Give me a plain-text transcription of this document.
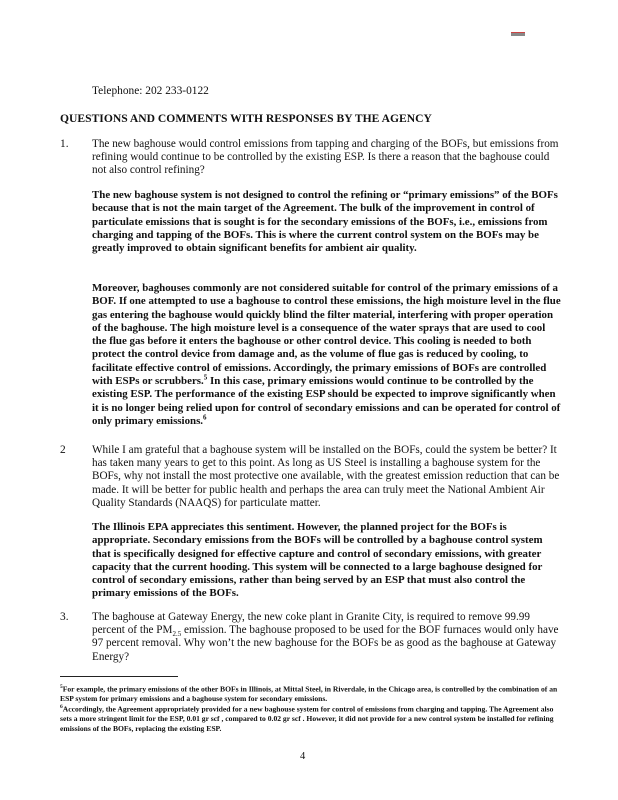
Telephone: 202 233-0122
QUESTIONS AND COMMENTS WITH RESPONSES BY THE AGENCY
1. The new baghouse would control emissions from tapping and charging of the BOFs, but emissions from refining would continue to be controlled by the existing ESP. Is there a reason that the baghouse could not also control refining?

The new baghouse system is not designed to control the refining or “primary emissions” of the BOFs because that is not the main target of the Agreement. The bulk of the improvement in control of particulate emissions that is sought is for the secondary emissions of the BOFs, i.e., emissions from charging and tapping of the BOFs. This is where the current control system on the BOFs may be greatly improved to obtain significant benefits for ambient air quality.

Moreover, baghouses commonly are not considered suitable for control of the primary emissions of a BOF. If one attempted to use a baghouse to control these emissions, the high moisture level in the flue gas entering the baghouse would quickly blind the filter material, interfering with proper operation of the baghouse. The high moisture level is a consequence of the water sprays that are used to cool the flue gas before it enters the baghouse or other control device. This cooling is needed to both protect the control device from damage and, as the volume of flue gas is reduced by cooling, to facilitate effective control of emissions. Accordingly, the primary emissions of BOFs are controlled with ESPs or scrubbers.$^5$ In this case, primary emissions would continue to be controlled by the existing ESP. The performance of the existing ESP should be expected to improve significantly when it is no longer being relied upon for control of secondary emissions and can be operated for control of only primary emissions.$^6$

2 While I am grateful that a baghouse system will be installed on the BOFs, could the system be better? It has taken many years to get to this point. As long as US Steel is installing a baghouse system for the BOFs, why not install the most protective one available, with the greatest emission reduction that can be made. It will be better for public health and perhaps the area can truly meet the National Ambient Air Quality Standards (NAAQS) for particulate matter.

The Illinois EPA appreciates this sentiment. However, the planned project for the BOFs is appropriate. Secondary emissions from the BOFs will be controlled by a baghouse control system that is specifically designed for effective capture and control of secondary emissions, with greater capacity that the current hooding. This system will be connected to a large baghouse designed for control of secondary emissions, rather than being served by an ESP that must also control the primary emissions of the BOFs.

3. The baghouse at Gateway Energy, the new coke plant in Granite City, is required to remove 99.99 percent of the $PM_{2.5}$ emission. The baghouse proposed to be used for the BOF furnaces would only have 97 percent removal. Why won’t the new baghouse for the BOFs be as good as the baghouse at Gateway Energy?

$^5$For example, the primary emissions of the other BOFs in Illinois, at Mittal Steel, in Riverdale, in the Chicago area, is controlled by the combination of an ESP system for primary emissions and a baghouse system for secondary emissions.

$^6$Accordingly, the Agreement appropriately provided for a new baghouse system for control of emissions from charging and tapping. The Agreement also sets a more stringent limit for the ESP, 0.01 gr scf , compared to 0.02 gr scf . However, it did not provide for a new control system be installed for refining emissions of the BOFs, replacing the existing ESP.

4
